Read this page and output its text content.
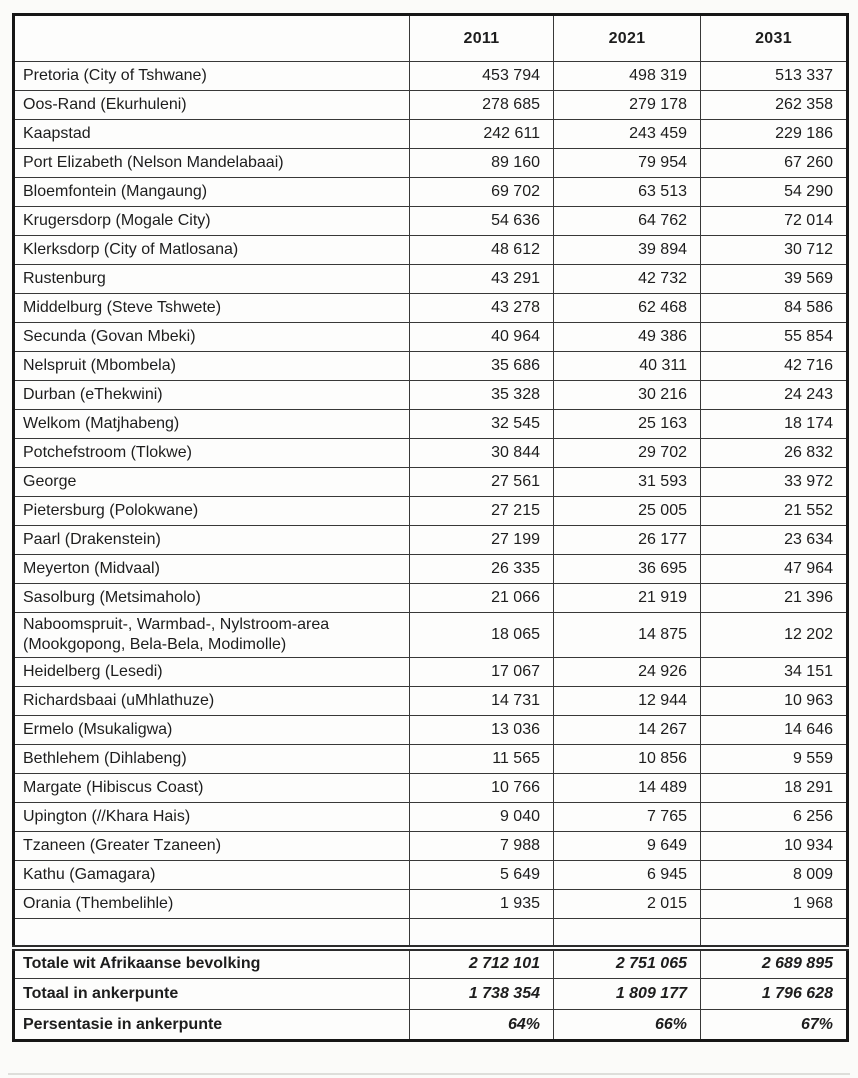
	2011	2021	2031
Pretoria (City of Tshwane)	453 794	498 319	513 337
Oos-Rand (Ekurhuleni)	278 685	279 178	262 358
Kaapstad	242 611	243 459	229 186
Port Elizabeth (Nelson Mandelabaai)	89 160	79 954	67 260
Bloemfontein (Mangaung)	69 702	63 513	54 290
Krugersdorp (Mogale City)	54 636	64 762	72 014
Klerksdorp (City of Matlosana)	48 612	39 894	30 712
Rustenburg	43 291	42 732	39 569
Middelburg (Steve Tshwete)	43 278	62 468	84 586
Secunda (Govan Mbeki)	40 964	49 386	55 854
Nelspruit (Mbombela)	35 686	40 311	42 716
Durban (eThekwini)	35 328	30 216	24 243
Welkom (Matjhabeng)	32 545	25 163	18 174
Potchefstroom (Tlokwe)	30 844	29 702	26 832
George	27 561	31 593	33 972
Pietersburg (Polokwane)	27 215	25 005	21 552
Paarl (Drakenstein)	27 199	26 177	23 634
Meyerton (Midvaal)	26 335	36 695	47 964
Sasolburg (Metsimaholo)	21 066	21 919	21 396
Naboomspruit-, Warmbad-, Nylstroom-area (Mookgopong, Bela-Bela, Modimolle)	18 065	14 875	12 202
Heidelberg (Lesedi)	17 067	24 926	34 151
Richardsbaai (uMhlathuze)	14 731	12 944	10 963
Ermelo (Msukaligwa)	13 036	14 267	14 646
Bethlehem (Dihlabeng)	11 565	10 856	9 559
Margate (Hibiscus Coast)	10 766	14 489	18 291
Upington (//Khara Hais)	9 040	7 765	6 256
Tzaneen (Greater Tzaneen)	7 988	9 649	10 934
Kathu (Gamagara)	5 649	6 945	8 009
Orania (Thembelihle)	1 935	2 015	1 968

Totale wit Afrikaanse bevolking	2 712 101	2 751 065	2 689 895
Totaal in ankerpunte	1 738 354	1 809 177	1 796 628
Persentasie in ankerpunte	64%	66%	67%
